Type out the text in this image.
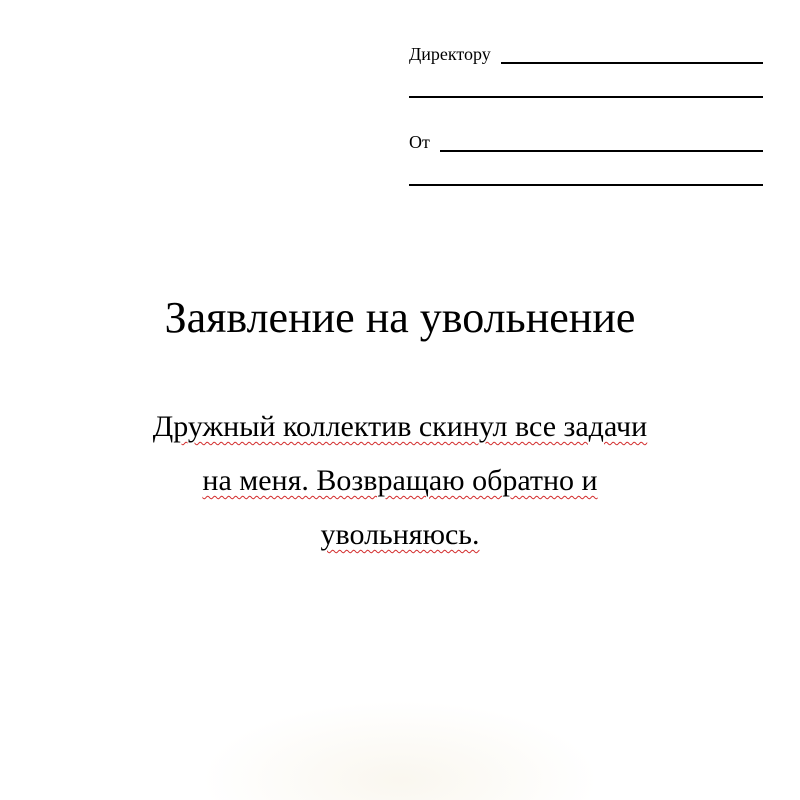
Директору
От
Заявление на увольнение
Дружный коллектив скинул все задачи
на меня. Возвращаю обратно и
увольняюсь.
